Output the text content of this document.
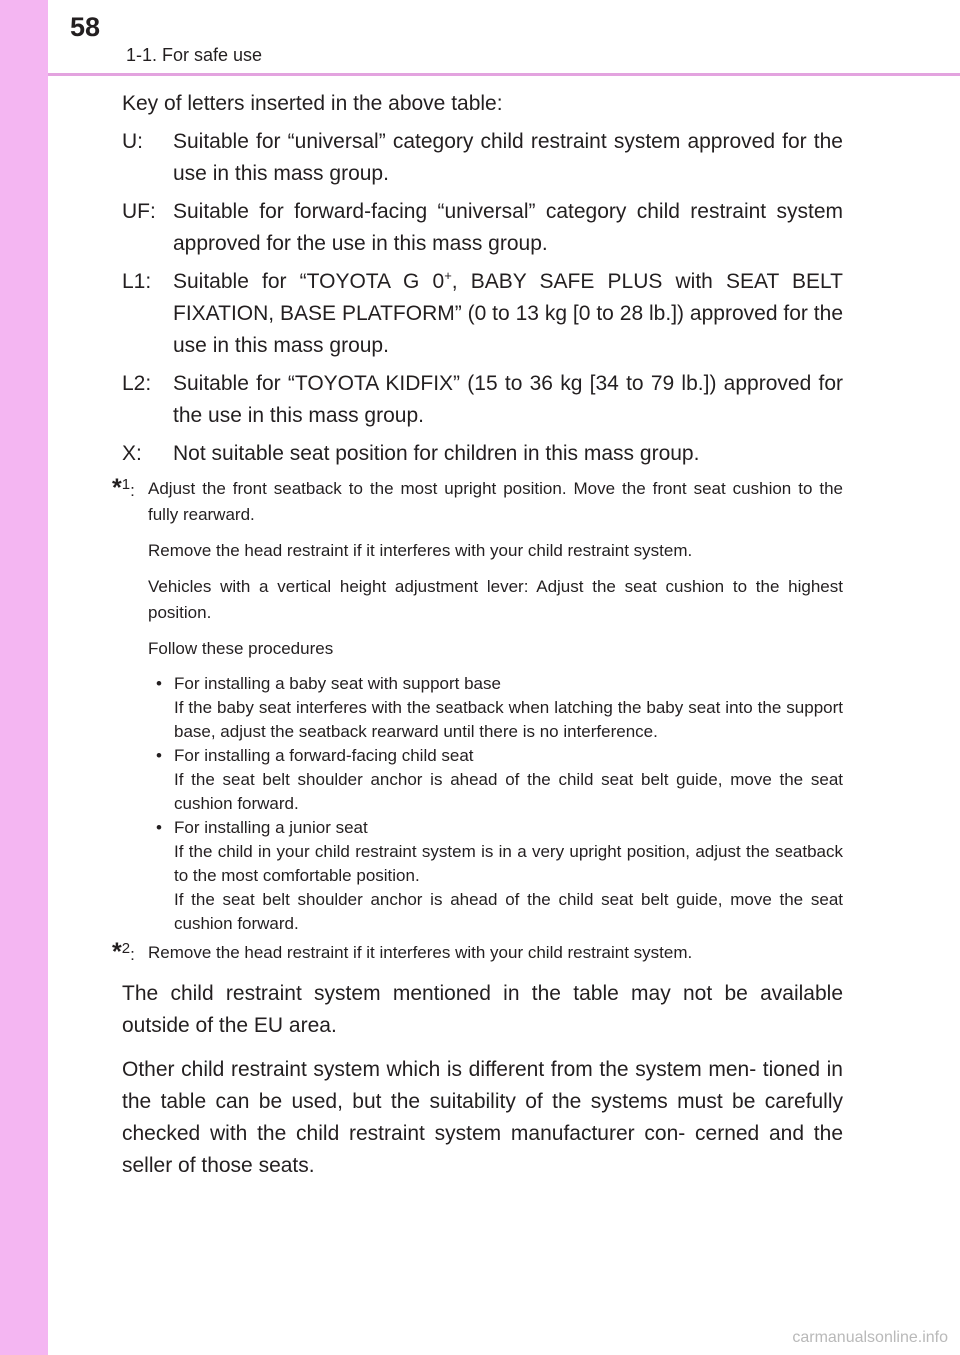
58
1-1. For safe use

Key of letters inserted in the above table:

U: Suitable for “universal” category child restraint system approved for the use in this mass group.
UF: Suitable for forward-facing “universal” category child restraint system approved for the use in this mass group.
L1: Suitable for “TOYOTA G 0+, BABY SAFE PLUS with SEAT BELT FIXATION, BASE PLATFORM” (0 to 13 kg [0 to 28 lb.]) approved for the use in this mass group.
L2: Suitable for “TOYOTA KIDFIX” (15 to 36 kg [34 to 79 lb.]) approved for the use in this mass group.
X: Not suitable seat position for children in this mass group.
*$^1$: Adjust the front seatback to the most upright position. Move the front seat cushion to the fully rearward.
Remove the head restraint if it interferes with your child restraint system.
Vehicles with a vertical height adjustment lever: Adjust the seat cushion to the highest position.
Follow these procedures
• For installing a baby seat with support base
If the baby seat interferes with the seatback when latching the baby seat into the support base, adjust the seatback rearward until there is no interference.
• For installing a forward-facing child seat
If the seat belt shoulder anchor is ahead of the child seat belt guide, move the seat cushion forward.
• For installing a junior seat
If the child in your child restraint system is in a very upright position, adjust the seatback to the most comfortable position.
If the seat belt shoulder anchor is ahead of the child seat belt guide, move the seat cushion forward.
*$^2$: Remove the head restraint if it interferes with your child restraint system.
The child restraint system mentioned in the table may not be available outside of the EU area.
Other child restraint system which is different from the system men- tioned in the table can be used, but the suitability of the systems must be carefully checked with the child restraint system manufacturer con- cerned and the seller of those seats.
carmanualsonline.info
